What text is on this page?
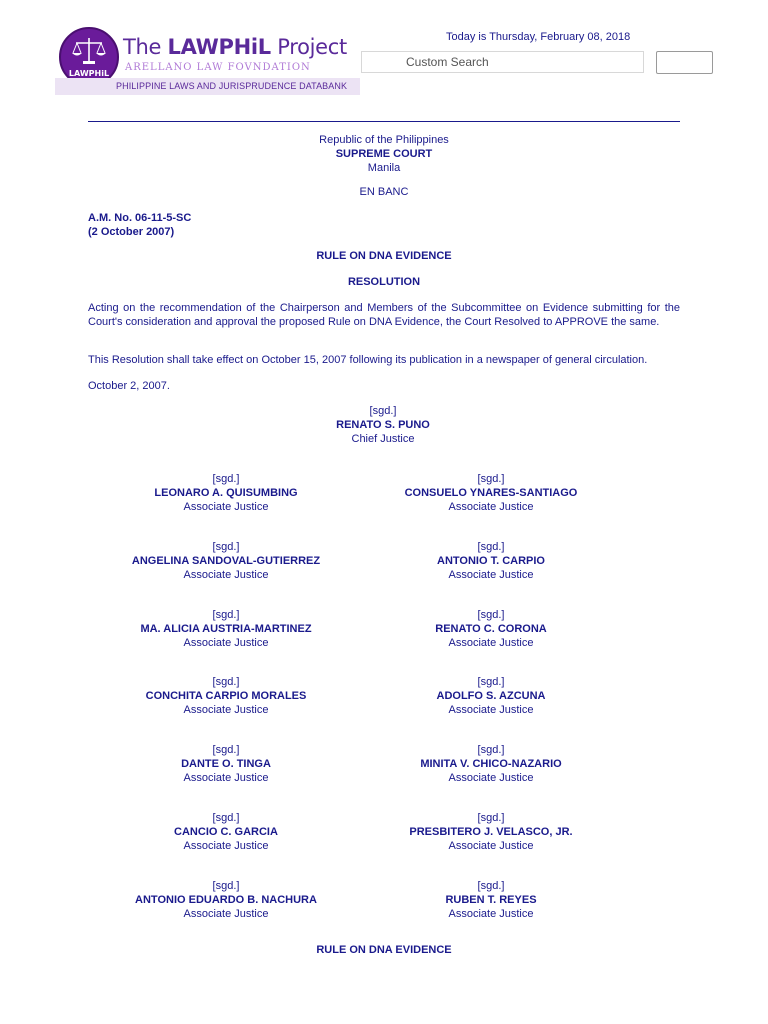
LAWPHiL
The LAWPHiL Project
ARELLANO LAW FOVNDATION
PHILIPPINE LAWS AND JURISPRUDENCE DATABANK
Today is Thursday, February 08, 2018
Custom Search
Republic of the Philippines
SUPREME COURT
Manila
EN BANC
A.M. No. 06-11-5-SC
(2 October 2007)
RULE ON DNA EVIDENCE
RESOLUTION
Acting on the recommendation of the Chairperson and Members of the Subcommittee on Evidence submitting for the Court's consideration and approval the proposed Rule on DNA Evidence, the Court Resolved to APPROVE the same.
This Resolution shall take effect on October 15, 2007 following its publication in a newspaper of general circulation.
October 2, 2007.
[sgd.]
RENATO S. PUNO
Chief Justice
[sgd.]
LEONARO A. QUISUMBING
Associate Justice
[sgd.]
CONSUELO YNARES-SANTIAGO
Associate Justice
[sgd.]
ANGELINA SANDOVAL-GUTIERREZ
Associate Justice
[sgd.]
ANTONIO T. CARPIO
Associate Justice
[sgd.]
MA. ALICIA AUSTRIA-MARTINEZ
Associate Justice
[sgd.]
RENATO C. CORONA
Associate Justice
[sgd.]
CONCHITA CARPIO MORALES
Associate Justice
[sgd.]
ADOLFO S. AZCUNA
Associate Justice
[sgd.]
DANTE O. TINGA
Associate Justice
[sgd.]
MINITA V. CHICO-NAZARIO
Associate Justice
[sgd.]
CANCIO C. GARCIA
Associate Justice
[sgd.]
PRESBITERO J. VELASCO, JR.
Associate Justice
[sgd.]
ANTONIO EDUARDO B. NACHURA
Associate Justice
[sgd.]
RUBEN T. REYES
Associate Justice
RULE ON DNA EVIDENCE
